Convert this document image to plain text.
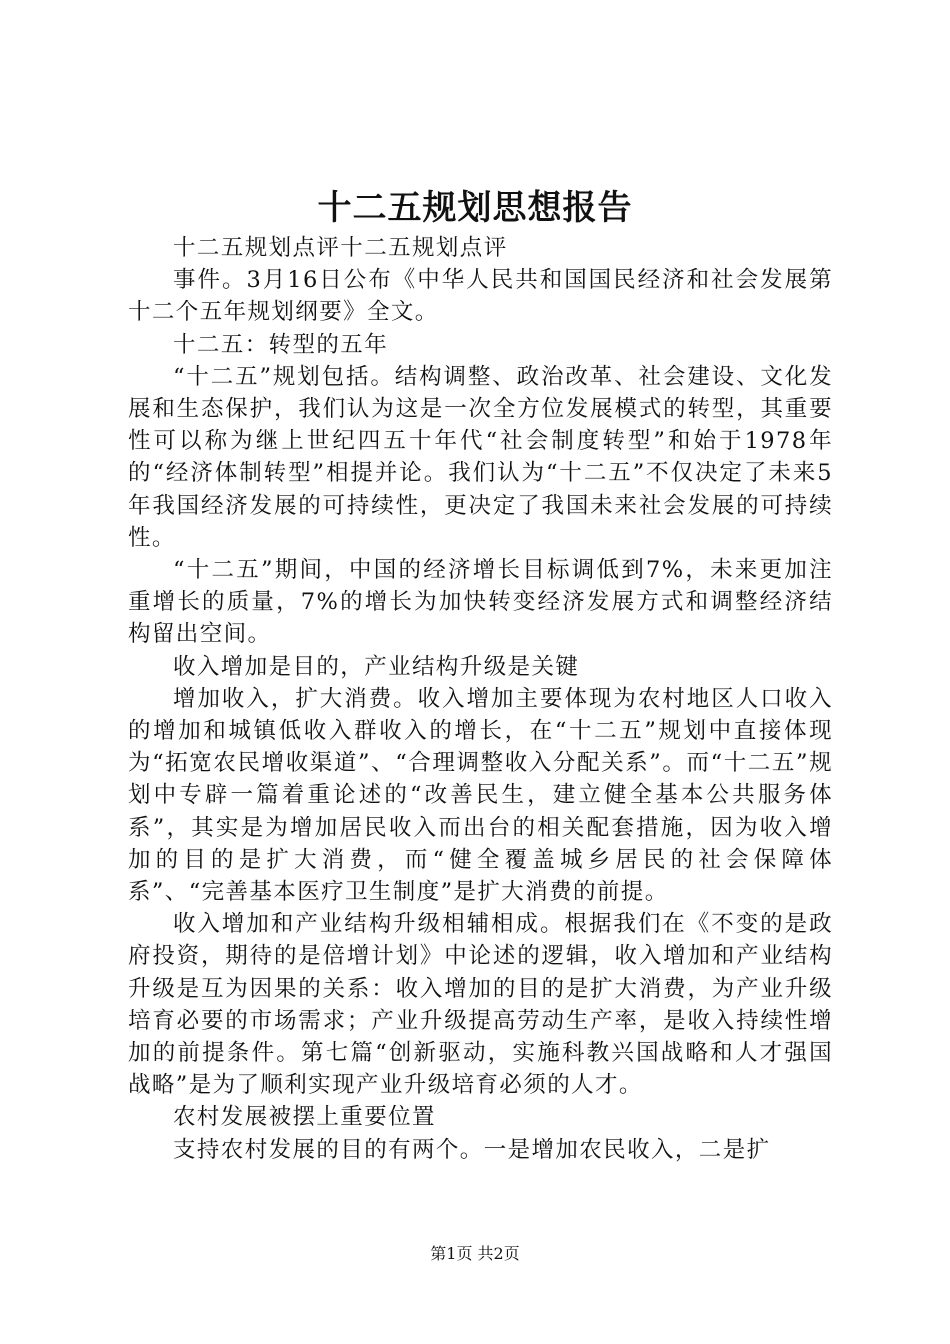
十二五规划思想报告

十二五规划点评十二五规划点评

事件。3月16日公布《中华人民共和国国民经济和社会发展第十二个五年规划纲要》全文。

十二五：转型的五年

“十二五”规划包括。结构调整、政治改革、社会建设、文化发展和生态保护，我们认为这是一次全方位发展模式的转型，其重要性可以称为继上世纪四五十年代“社会制度转型”和始于1978年的“经济体制转型”相提并论。我们认为“十二五”不仅决定了未来5年我国经济发展的可持续性，更决定了我国未来社会发展的可持续性。

“十二五”期间，中国的经济增长目标调低到7%，未来更加注重增长的质量，7%的增长为加快转变经济发展方式和调整经济结构留出空间。

收入增加是目的，产业结构升级是关键

增加收入，扩大消费。收入增加主要体现为农村地区人口收入的增加和城镇低收入群收入的增长，在“十二五”规划中直接体现为“拓宽农民增收渠道”、“合理调整收入分配关系”。而“十二五”规划中专辟一篇着重论述的“改善民生，建立健全基本公共服务体系”，其实是为增加居民收入而出台的相关配套措施，因为收入增加的目的是扩大消费，而“健全覆盖城乡居民的社会保障体系”、“完善基本医疗卫生制度”是扩大消费的前提。

收入增加和产业结构升级相辅相成。根据我们在《不变的是政府投资，期待的是倍增计划》中论述的逻辑，收入增加和产业结构升级是互为因果的关系：收入增加的目的是扩大消费，为产业升级培育必要的市场需求；产业升级提高劳动生产率，是收入持续性增加的前提条件。第七篇“创新驱动，实施科教兴国战略和人才强国战略”是为了顺利实现产业升级培育必须的人才。

农村发展被摆上重要位置

支持农村发展的目的有两个。一是增加农民收入，二是扩

第1页 共2页
